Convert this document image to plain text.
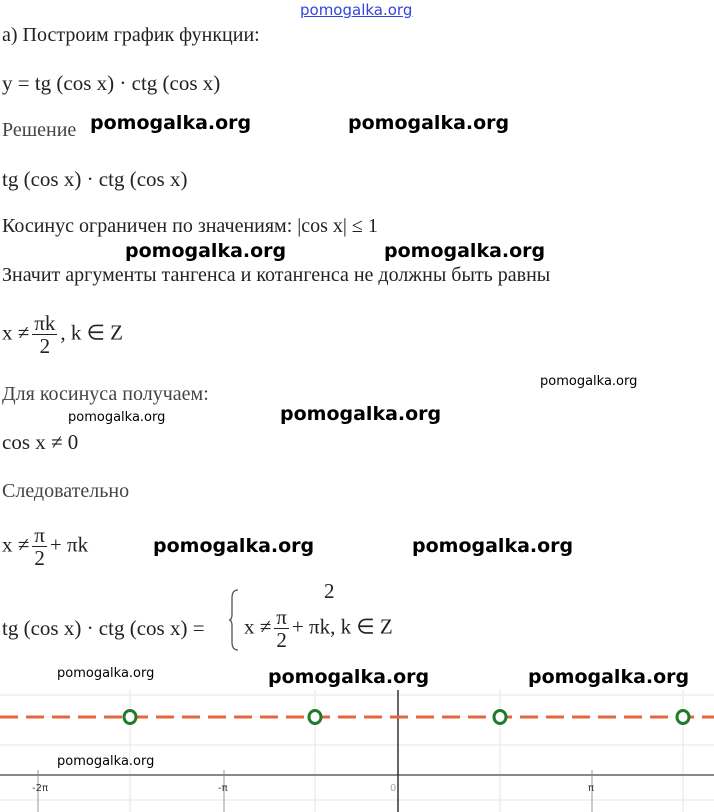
pomogalka.org
а) Построим график функции:
y = tg (cos x) · ctg (cos x)
Решение
tg (cos x) · ctg (cos x)
Косинус ограничен по значениям: |cos x| ≤ 1
Значит аргументы тангенса и котангенса не должны быть равны
$x \ne \frac{\pi k}{2}$ , k ∈ Z
Для косинуса получаем:
cos x ≠ 0
Следовательно
$x \ne \frac{\pi}{2} + \pi k$
tg (cos x) · ctg (cos x) =
2
$x \ne \frac{\pi}{2} + \pi k$, k ∈ Z
-2π	-π	0	π
pomogalka.org	pomogalka.org
pomogalka.org	pomogalka.org
pomogalka.org
pomogalka.org	pomogalka.org
pomogalka.org	pomogalka.org
pomogalka.org	pomogalka.org	pomogalka.org
pomogalka.org
